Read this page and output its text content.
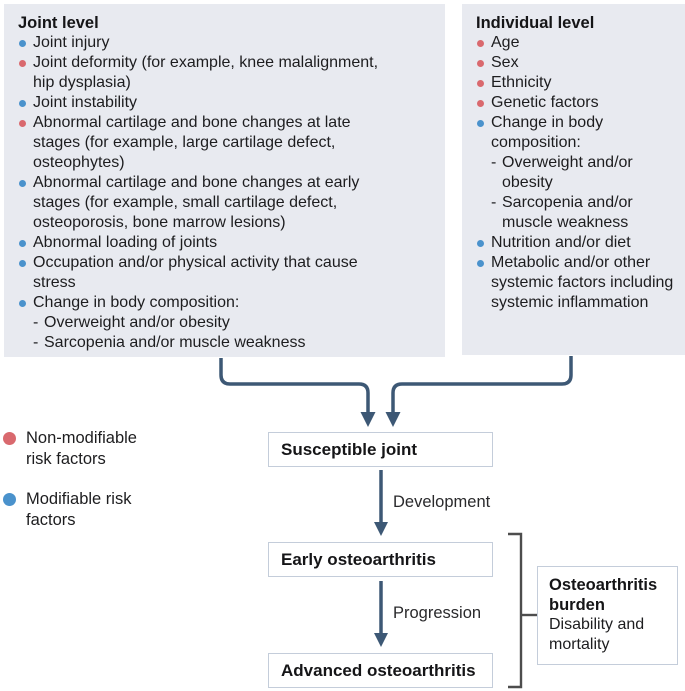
Joint level
Joint injury
Joint deformity (for example, knee malalignment, hip dysplasia)
Joint instability
Abnormal cartilage and bone changes at late stages (for example, large cartilage defect, osteophytes)
Abnormal cartilage and bone changes at early stages (for example, small cartilage defect, osteoporosis, bone marrow lesions)
Abnormal loading of joints
Occupation and/or physical activity that cause stress
Change in body composition:
- Overweight and/or obesity
- Sarcopenia and/or muscle weakness
Individual level
Age
Sex
Ethnicity
Genetic factors
Change in body composition:
- Overweight and/or obesity
- Sarcopenia and/or muscle weakness
Nutrition and/or diet
Metabolic and/or other systemic factors including systemic inflammation
Non-modifiable risk factors
Modifiable risk factors
Susceptible joint
Development
Early osteoarthritis
Progression
Advanced osteoarthritis
Osteoarthritis burden
Disability and mortality
